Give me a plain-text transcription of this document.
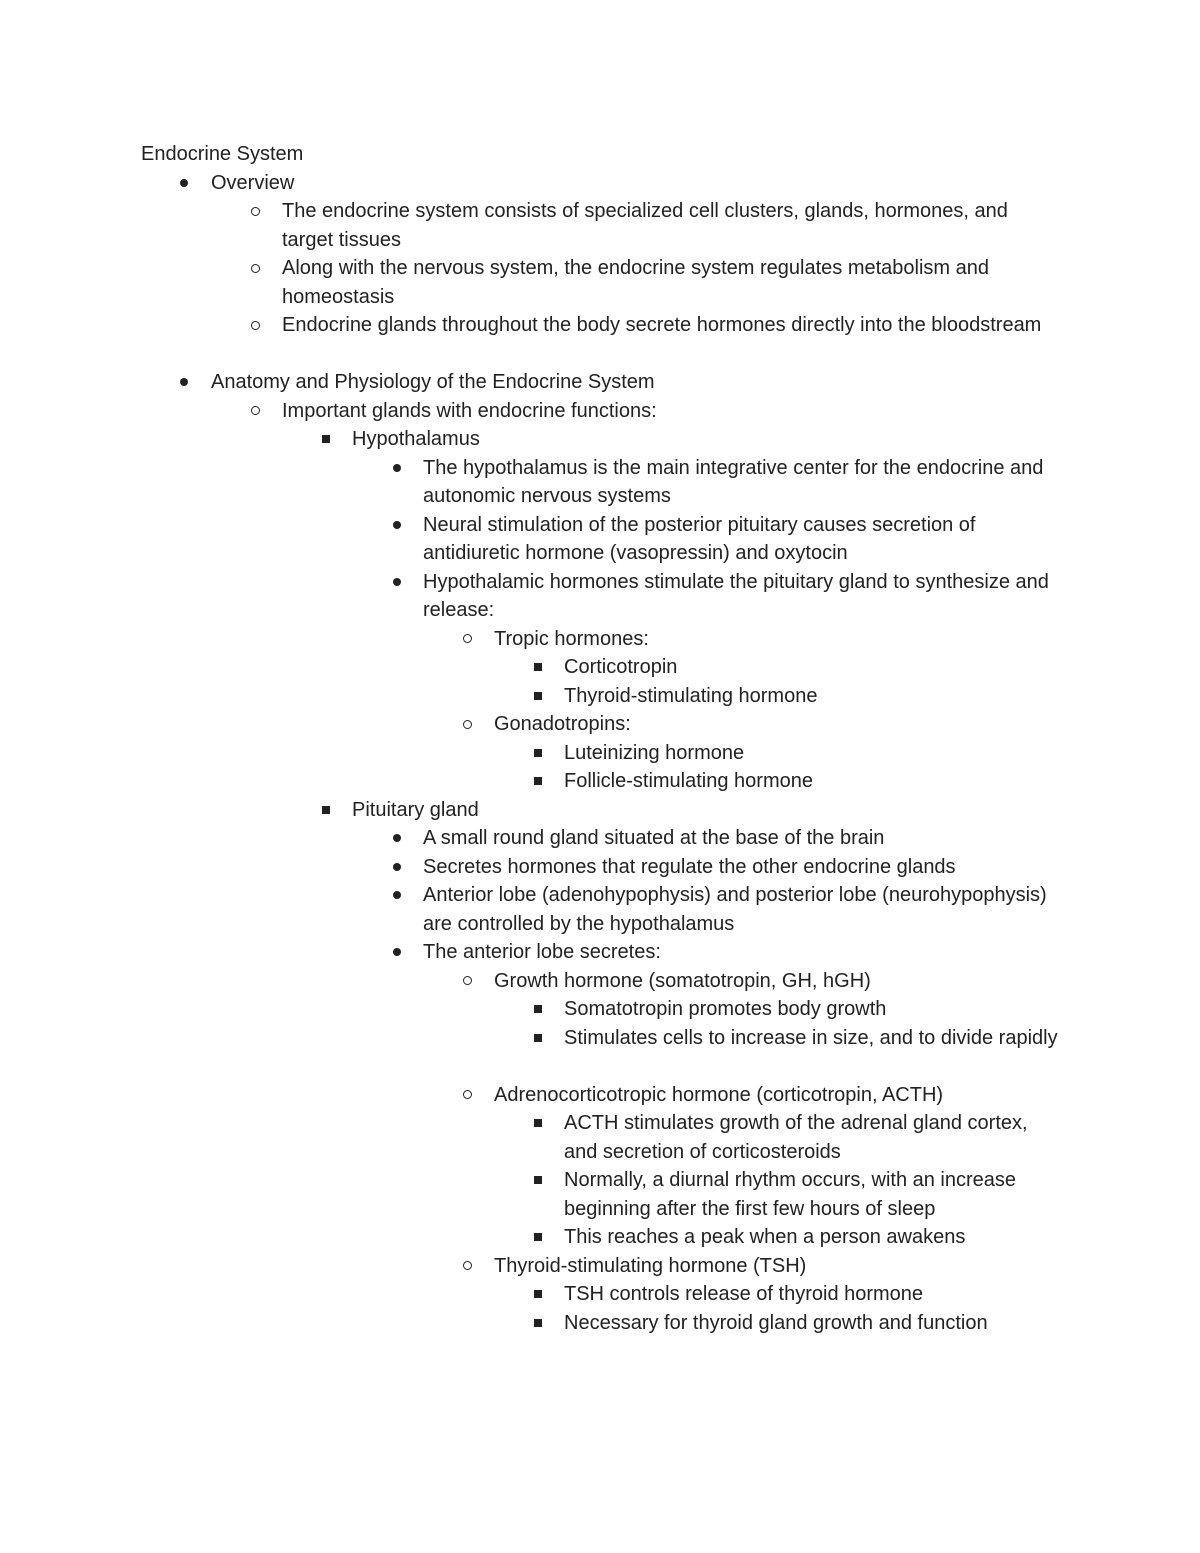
Endocrine System
Overview
The endocrine system consists of specialized cell clusters, glands, hormones, and target tissues
Along with the nervous system, the endocrine system regulates metabolism and homeostasis
Endocrine glands throughout the body secrete hormones directly into the bloodstream
Anatomy and Physiology of the Endocrine System
Important glands with endocrine functions:
Hypothalamus
The hypothalamus is the main integrative center for the endocrine and autonomic nervous systems
Neural stimulation of the posterior pituitary causes secretion of antidiuretic hormone (vasopressin) and oxytocin
Hypothalamic hormones stimulate the pituitary gland to synthesize and release:
Tropic hormones:
Corticotropin
Thyroid-stimulating hormone
Gonadotropins:
Luteinizing hormone
Follicle-stimulating hormone
Pituitary gland
A small round gland situated at the base of the brain
Secretes hormones that regulate the other endocrine glands
Anterior lobe (adenohypophysis) and posterior lobe (neurohypophysis) are controlled by the hypothalamus
The anterior lobe secretes:
Growth hormone (somatotropin, GH, hGH)
Somatotropin promotes body growth
Stimulates cells to increase in size, and to divide rapidly
Adrenocorticotropic hormone (corticotropin, ACTH)
ACTH stimulates growth of the adrenal gland cortex, and secretion of corticosteroids
Normally, a diurnal rhythm occurs, with an increase beginning after the first few hours of sleep
This reaches a peak when a person awakens
Thyroid-stimulating hormone (TSH)
TSH controls release of thyroid hormone
Necessary for thyroid gland growth and function
